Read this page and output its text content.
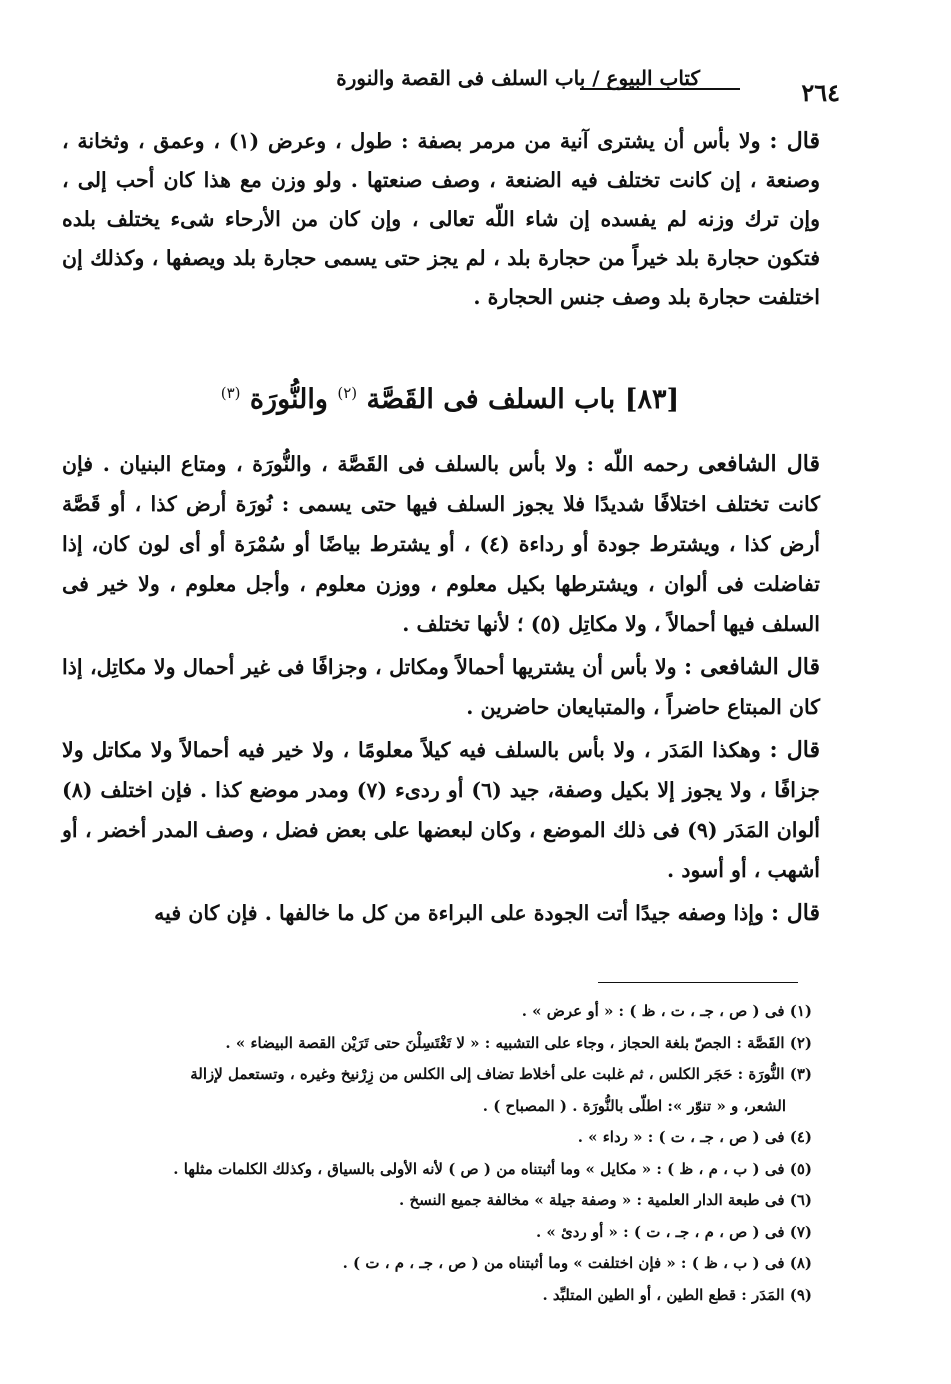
كتاب البيوع / باب السلف فى القصة والنورة	٢٦٤

قال : ولا بأس أن يشترى آنية من مرمر بصفة : طول ، وعرض (١) ، وعمق ، وثخانة ، وصنعة ، إن كانت تختلف فيه الضنعة ، وصف صنعتها . ولو وزن مع هذا كان أحب إلى ، وإن ترك وزنه لم يفسده إن شاء اللّه تعالى ، وإن كان من الأرحاء شىء يختلف بلده فتكون حجارة بلد خيراً من حجارة بلد ، لم يجز حتى يسمى حجارة بلد ويصفها ، وكذلك إن اختلفت حجارة بلد وصف جنس الحجارة .

[٨٣] باب السلف فى القَصَّة $^{(٢)}$ والنُّورَة $^{(٣)}$

قال الشافعى رحمه اللّه : ولا بأس بالسلف فى القَصَّة ، والنُّورَة ، ومتاع البنيان . فإن كانت تختلف اختلافًا شديدًا فلا يجوز السلف فيها حتى يسمى : نُورَة أرض كذا ، أو قَصَّة أرض كذا ، ويشترط جودة أو رداءة (٤) ، أو يشترط بياضًا أو سُمْرَة أو أى لون كان، إذا تفاضلت فى ألوان ، ويشترطها بكيل معلوم ، ووزن معلوم ، وأجل معلوم ، ولا خير فى السلف فيها أحمالاً ، ولا مكاتِل (٥) ؛ لأنها تختلف .

قال الشافعى : ولا بأس أن يشتريها أحمالاً ومكاتل ، وجزافًا فى غير أحمال ولا مكاتِل، إذا كان المبتاع حاضراً ، والمتبايعان حاضرين .

قال : وهكذا المَدَر ، ولا بأس بالسلف فيه كيلاً معلومًا ، ولا خير فيه أحمالاً ولا مكاتل ولا جزافًا ، ولا يجوز إلا بكيل وصفة، جيد (٦) أو ردىء (٧) ومدر موضع كذا . فإن اختلف (٨) ألوان المَدَر (٩) فى ذلك الموضع ، وكان لبعضها على بعض فضل ، وصف المدر أخضر ، أو أشهب ، أو أسود .

قال : وإذا وصفه جيدًا أتت الجودة على البراءة من كل ما خالفها . فإن كان فيه

(١) فى ( ص ، جـ ، ت ، ظ ) : « أو عرض » .
(٢) القَصَّة : الجصّ بلغة الحجاز ، وجاء على التشبيه : « لا تَغْتَسِلْنَ حتى تَرَيْن القصة البيضاء » .
(٣) النُّورَة : حَجَر الكلس ، ثم غلبت على أخلاط تضاف إلى الكلس من زِرْنيخ وغيره ، وتستعمل لإزالة
الشعر، و « تنوّر »: اطلّى بالنُّورَة . ( المصباح ) .
(٤) فى ( ص ، جـ ، ت ) : « رداء » .
(٥) فى ( ب ، م ، ظ ) : « مكايل » وما أثبتناه من ( ص ) لأنه الأولى بالسياق ، وكذلك الكلمات مثلها .
(٦) فى طبعة الدار العلمية : « وصفة جيلة » مخالفة جميع النسخ .
(٧) فى ( ص ، م ، جـ ، ت ) : « أو ردئ » .
(٨) فى ( ب ، ظ ) : « فإن اختلفت » وما أثبتناه من ( ص ، جـ ، م ، ت ) .
(٩) المَدَر : قطع الطين ، أو الطين المتلبِّد .
